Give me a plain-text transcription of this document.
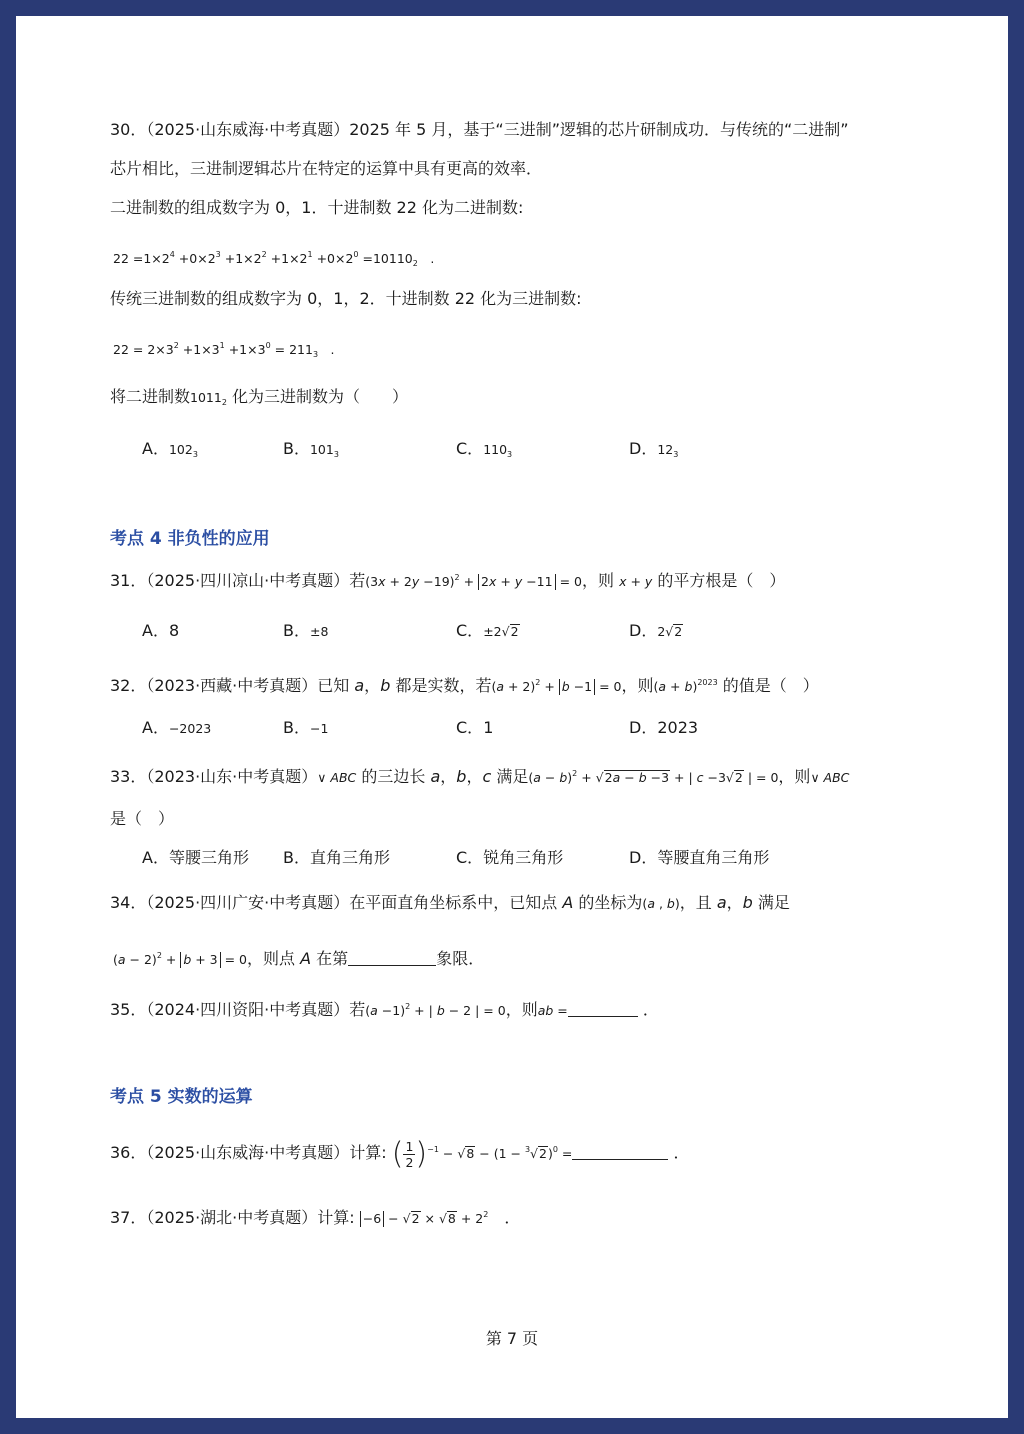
30．（2025·山东威海·中考真题）2025 年 5 月，基于“三进制”逻辑的芯片研制成功．与传统的“二进制”
芯片相比，三进制逻辑芯片在特定的运算中具有更高的效率．
二进制数的组成数字为 0，1．十进制数 22 化为二进制数:
$22 =1\times 2^4 +0\times 2^3 +1\times 2^2 +1\times 2^1 +0\times 2^0 =10110_2$　.
传统三进制数的组成数字为 0，1，2．十进制数 22 化为三进制数:
$22 = 2\times 3^2 +1\times 3^1 +1\times 3^0 = 211_3$　.
将二进制数$1011_2$ 化为三进制数为（　　）
A．$102_3$	B．$101_3$	C．$110_3$	D．$12_3$
考点 4 非负性的应用
31．（2025·四川凉山·中考真题）若$(3x + 2y -19)^2 + 2x + y -11 = 0$，则 x + y 的平方根是（　）
A．8	B．±8	C．±2√2	D．2√2
32．（2023·西藏·中考真题）已知 a，b 都是实数，若$(a + 2)^2 + b -1 = 0$，则$(a + b)^{2023}$ 的值是（　）
A．−2023	B．−1	C．1	D．2023
33．（2023·山东·中考真题）∨ ABC 的三边长 a，b，c 满足$(a - b)^2 + √2a - b -3$ + | c −3√2 | = 0，则∨ ABC
是（　）
A．等腰三角形 B．直角三角形	C．锐角三角形	D．等腰直角三角形
34．（2025·四川广安·中考真题）在平面直角坐标系中，已知点 A 的坐标为(a , b)，且 a，b 满足
$(a - 2)^2 + b + 3 = 0$，则点 A 在第	象限．
35．（2024·四川资阳·中考真题）若$(a -1)^2$ + | b − 2 | = 0，则ab =	．
考点 5 实数的运算
36．（2025·山东威海·中考真题）计算: ( $\frac{1}{2} )^{-1} - √8 - (1 - ^3√2)^0$ =	．
37．（2025·湖北·中考真题）计算: $-6 - √2 \times √8 + 2^2$　 ．
第 7 页
